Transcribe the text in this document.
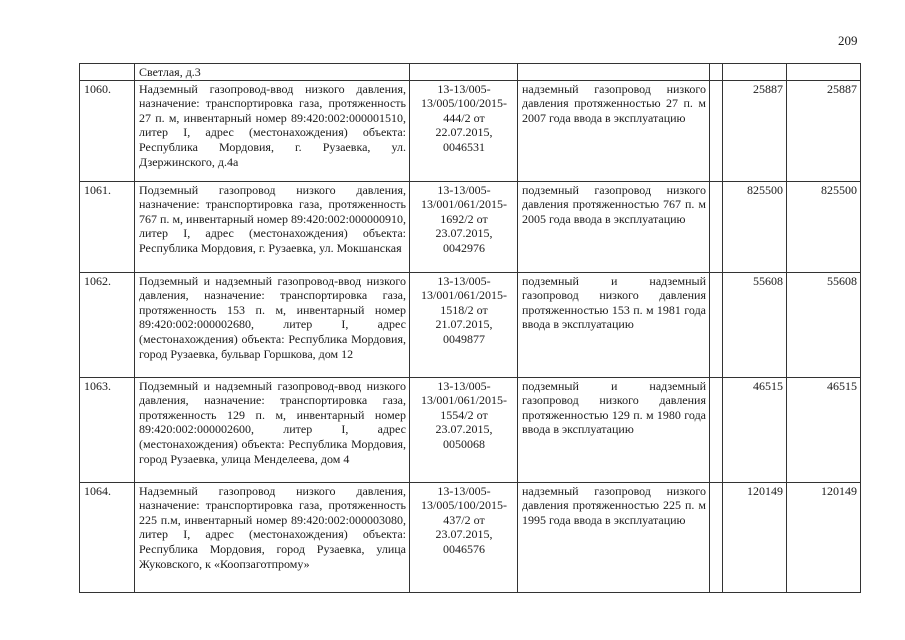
209
	Светлая, д.3					
1060.	Надземный газопровод-ввод низкого давления, назначение: транспортировка газа, протяженность 27 п. м, инвентарный номер 89:420:002:000001510, литер I, адрес (местонахождения) объекта: Республика Мордовия, г. Рузаевка, ул. Дзержинского, д.4а	13-13/005-13/005/100/2015-444/2 от 22.07.2015, 0046531	надземный газопровод низкого давления протяженностью 27 п. м 2007 года ввода в эксплуатацию		25887	25887
1061.	Подземный газопровод низкого давления, назначение: транспортировка газа, протяженность 767 п. м, инвентарный номер 89:420:002:000000910, литер I, адрес (местонахождения) объекта: Республика Мордовия, г. Рузаевка, ул. Мокшанская	13-13/005-13/001/061/2015-1692/2 от 23.07.2015, 0042976	подземный газопровод низкого давления протяженностью 767 п. м 2005 года ввода в эксплуатацию		825500	825500
1062.	Подземный и надземный газопровод-ввод низкого давления, назначение: транспортировка газа, протяженность 153 п. м, инвентарный номер 89:420:002:000002680, литер I, адрес (местонахождения) объекта: Республика Мордовия, город Рузаевка, бульвар Горшкова, дом 12	13-13/005-13/001/061/2015-1518/2 от 21.07.2015, 0049877	подземный и надземный газопровод низкого давления протяженностью 153 п. м 1981 года ввода в эксплуатацию		55608	55608
1063.	Подземный и надземный газопровод-ввод низкого давления, назначение: транспортировка газа, протяженность 129 п. м, инвентарный номер 89:420:002:000002600, литер I, адрес (местонахождения) объекта: Республика Мордовия, город Рузаевка, улица Менделеева, дом 4	13-13/005-13/001/061/2015-1554/2 от 23.07.2015, 0050068	подземный и надземный газопровод низкого давления протяженностью 129 п. м 1980 года ввода в эксплуатацию		46515	46515
1064.	Надземный газопровод низкого давления, назначение: транспортировка газа, протяженность 225 п.м, инвентарный номер 89:420:002:000003080, литер I, адрес (местонахождения) объекта: Республика Мордовия, город Рузаевка, улица Жуковского, к «Коопзаготпрому»	13-13/005-13/005/100/2015-437/2 от 23.07.2015, 0046576	надземный газопровод низкого давления протяженностью 225 п. м 1995 года ввода в эксплуатацию		120149	120149
